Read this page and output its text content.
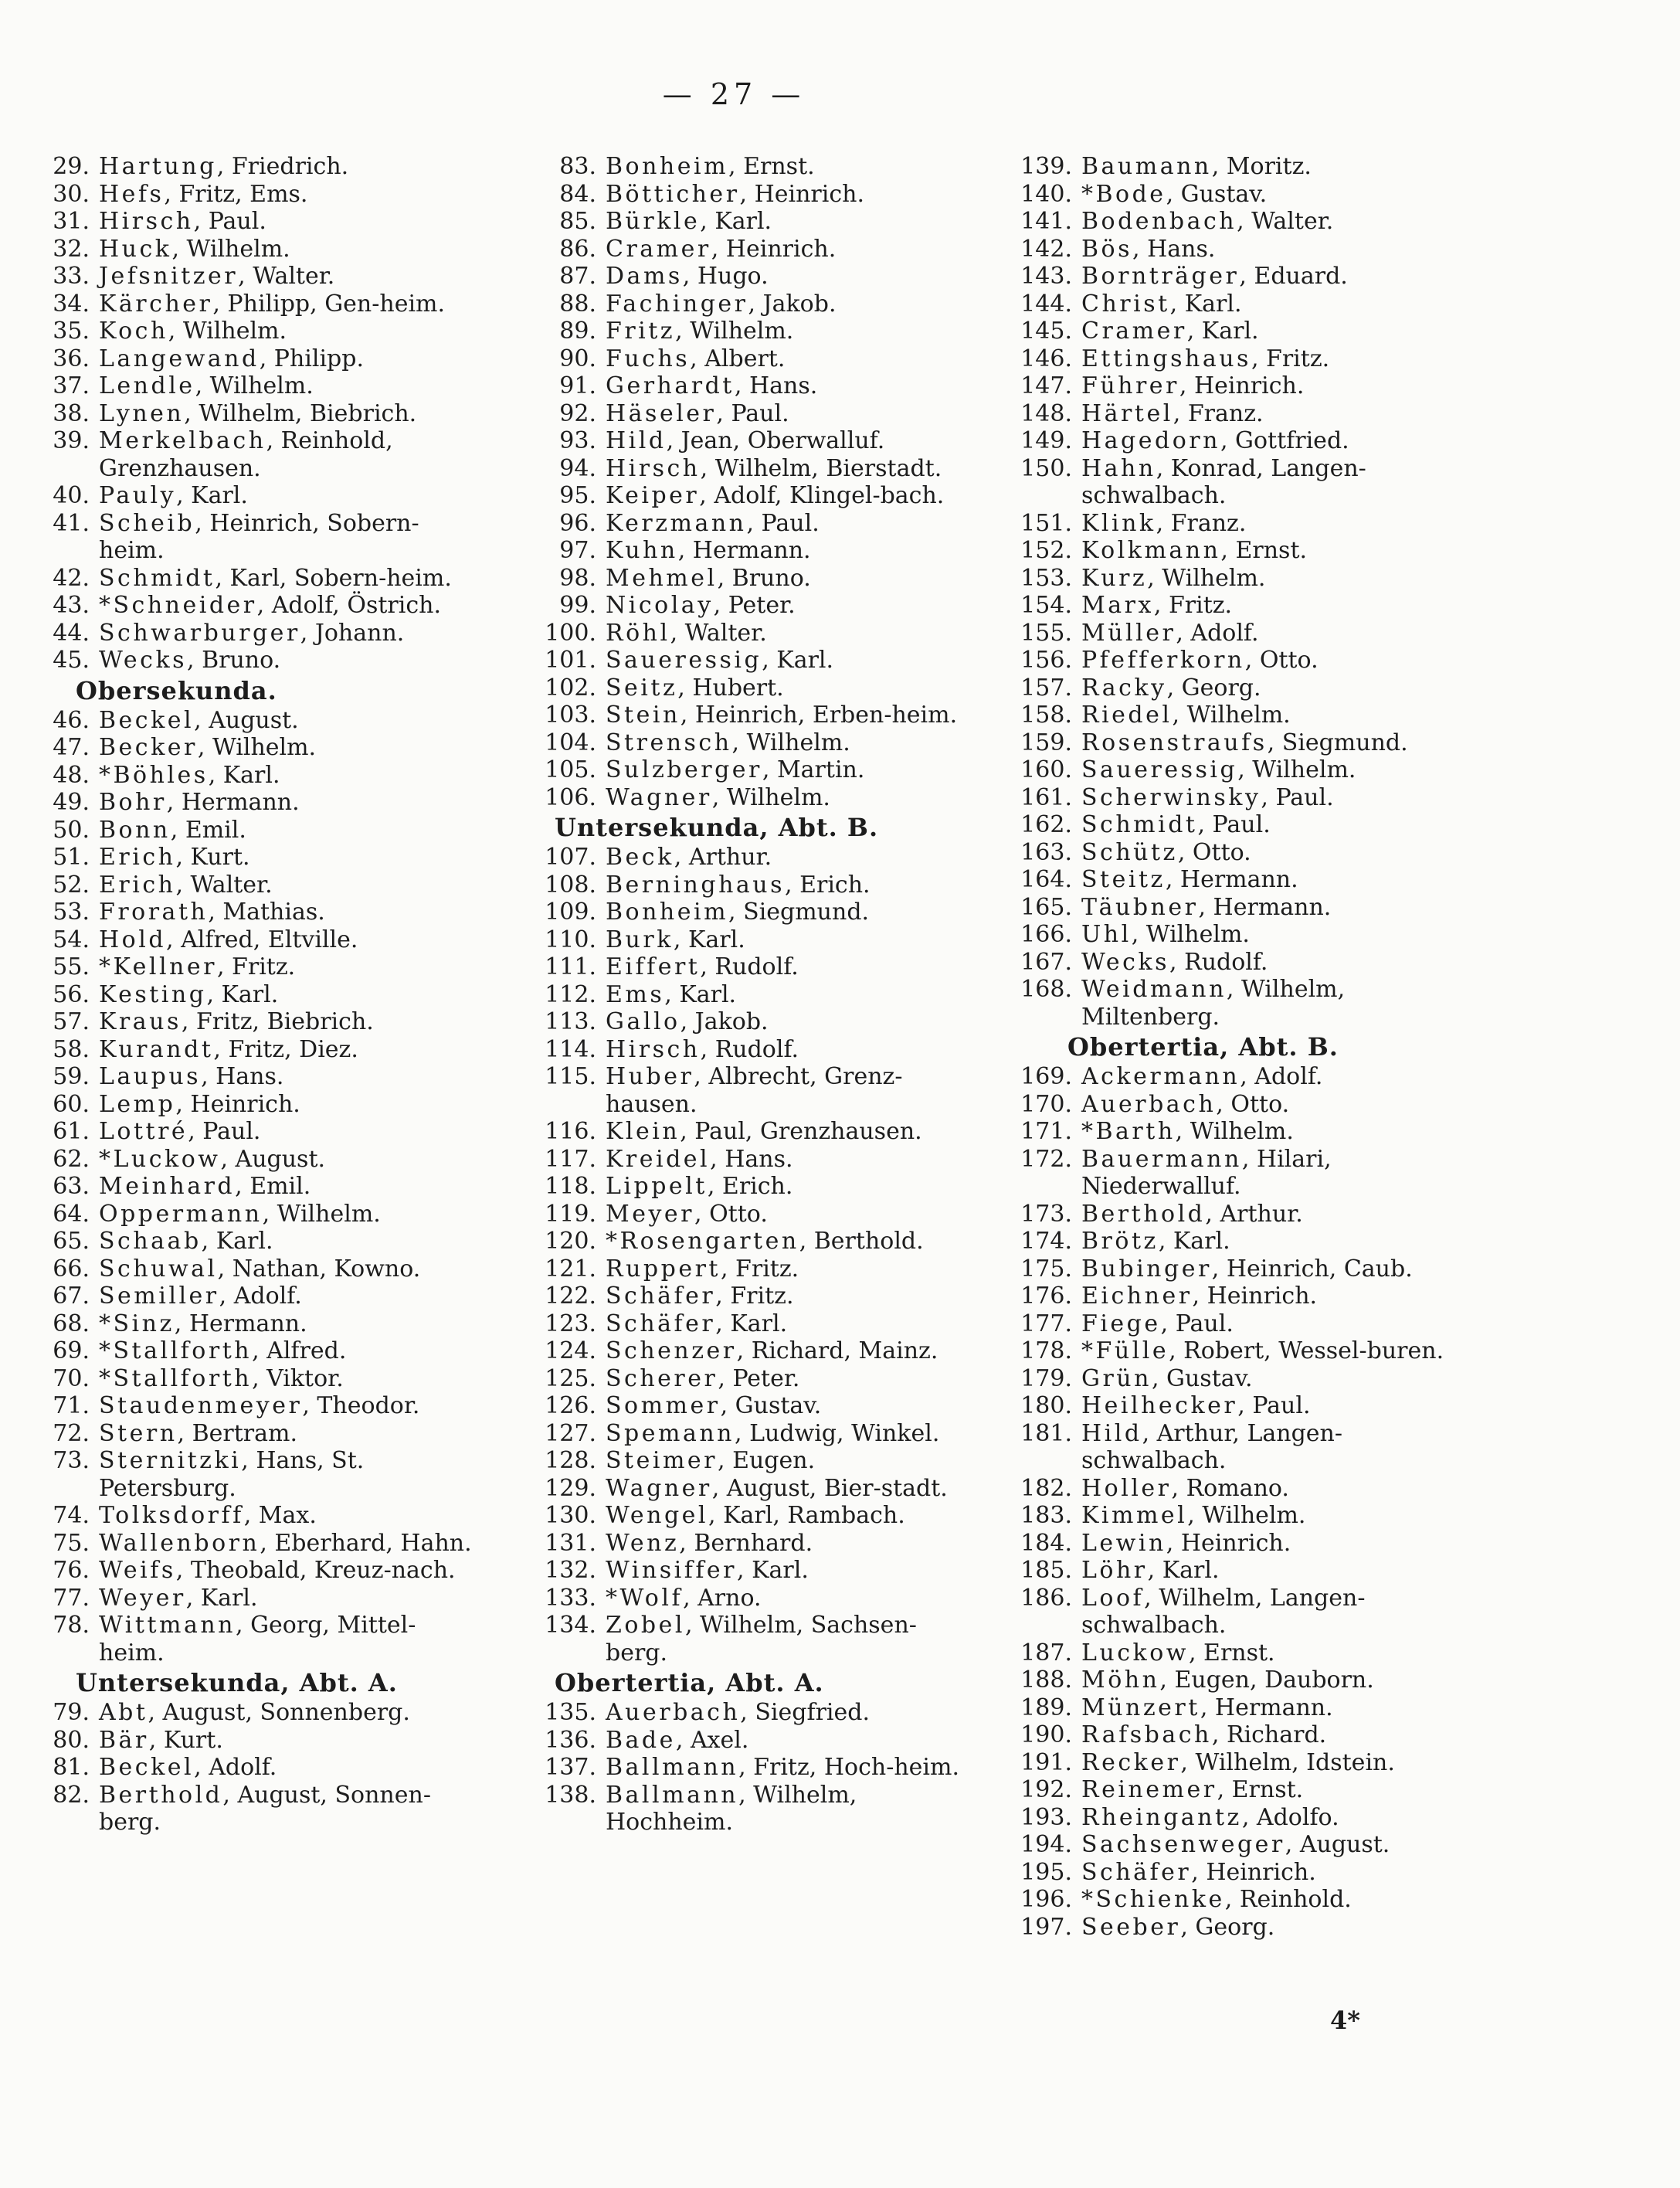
— 27 —
29. Hartung, Friedrich.
30. Hefs, Fritz, Ems.
31. Hirsch, Paul.
32. Huck, Wilhelm.
33. Jefsnitzer, Walter.
34. Kärcher, Philipp, Gen-heim.
35. Koch, Wilhelm.
36. Langewand, Philipp.
37. Lendle, Wilhelm.
38. Lynen, Wilhelm, Biebrich.
39. Merkelbach, Reinhold, Grenzhausen.
40. Pauly, Karl.
41. Scheib, Heinrich, Sobern-heim.
42. Schmidt, Karl, Sobern-heim.
43. *Schneider, Adolf, Östrich.
44. Schwarburger, Johann.
45. Wecks, Bruno.
Obersekunda.
46. Beckel, August.
47. Becker, Wilhelm.
48. *Böhles, Karl.
49. Bohr, Hermann.
50. Bonn, Emil.
51. Erich, Kurt.
52. Erich, Walter.
53. Frorath, Mathias.
54. Hold, Alfred, Eltville.
55. *Kellner, Fritz.
56. Kesting, Karl.
57. Kraus, Fritz, Biebrich.
58. Kurandt, Fritz, Diez.
59. Laupus, Hans.
60. Lemp, Heinrich.
61. Lottré, Paul.
62. *Luckow, August.
63. Meinhard, Emil.
64. Oppermann, Wilhelm.
65. Schaab, Karl.
66. Schuwal, Nathan, Kowno.
67. Semiller, Adolf.
68. *Sinz, Hermann.
69. *Stallforth, Alfred.
70. *Stallforth, Viktor.
71. Staudenmeyer, Theodor.
72. Stern, Bertram.
73. Sternitzki, Hans, St. Petersburg.
74. Tolksdorff, Max.
75. Wallenborn, Eberhard, Hahn.
76. Weifs, Theobald, Kreuz-nach.
77. Weyer, Karl.
78. Wittmann, Georg, Mittel-heim.
Untersekunda, Abt. A.
79. Abt, August, Sonnenberg.
80. Bär, Kurt.
81. Beckel, Adolf.
82. Berthold, August, Sonnen-berg.
83. Bonheim, Ernst.
84. Bötticher, Heinrich.
85. Bürkle, Karl.
86. Cramer, Heinrich.
87. Dams, Hugo.
88. Fachinger, Jakob.
89. Fritz, Wilhelm.
90. Fuchs, Albert.
91. Gerhardt, Hans.
92. Häseler, Paul.
93. Hild, Jean, Oberwalluf.
94. Hirsch, Wilhelm, Bierstadt.
95. Keiper, Adolf, Klingel-bach.
96. Kerzmann, Paul.
97. Kuhn, Hermann.
98. Mehmel, Bruno.
99. Nicolay, Peter.
100. Röhl, Walter.
101. Saueressig, Karl.
102. Seitz, Hubert.
103. Stein, Heinrich, Erben-heim.
104. Strensch, Wilhelm.
105. Sulzberger, Martin.
106. Wagner, Wilhelm.
Untersekunda, Abt. B.
107. Beck, Arthur.
108. Berninghaus, Erich.
109. Bonheim, Siegmund.
110. Burk, Karl.
111. Eiffert, Rudolf.
112. Ems, Karl.
113. Gallo, Jakob.
114. Hirsch, Rudolf.
115. Huber, Albrecht, Grenz-hausen.
116. Klein, Paul, Grenzhausen.
117. Kreidel, Hans.
118. Lippelt, Erich.
119. Meyer, Otto.
120. *Rosengarten, Berthold.
121. Ruppert, Fritz.
122. Schäfer, Fritz.
123. Schäfer, Karl.
124. Schenzer, Richard, Mainz.
125. Scherer, Peter.
126. Sommer, Gustav.
127. Spemann, Ludwig, Winkel.
128. Steimer, Eugen.
129. Wagner, August, Bier-stadt.
130. Wengel, Karl, Rambach.
131. Wenz, Bernhard.
132. Winsiffer, Karl.
133. *Wolf, Arno.
134. Zobel, Wilhelm, Sachsen-berg.
Obertertia, Abt. A.
135. Auerbach, Siegfried.
136. Bade, Axel.
137. Ballmann, Fritz, Hoch-heim.
138. Ballmann, Wilhelm, Hochheim.
139. Baumann, Moritz.
140. *Bode, Gustav.
141. Bodenbach, Walter.
142. Bös, Hans.
143. Bornträger, Eduard.
144. Christ, Karl.
145. Cramer, Karl.
146. Ettingshaus, Fritz.
147. Führer, Heinrich.
148. Härtel, Franz.
149. Hagedorn, Gottfried.
150. Hahn, Konrad, Langen-schwalbach.
151. Klink, Franz.
152. Kolkmann, Ernst.
153. Kurz, Wilhelm.
154. Marx, Fritz.
155. Müller, Adolf.
156. Pfefferkorn, Otto.
157. Racky, Georg.
158. Riedel, Wilhelm.
159. Rosenstraufs, Siegmund.
160. Saueressig, Wilhelm.
161. Scherwinsky, Paul.
162. Schmidt, Paul.
163. Schütz, Otto.
164. Steitz, Hermann.
165. Täubner, Hermann.
166. Uhl, Wilhelm.
167. Wecks, Rudolf.
168. Weidmann, Wilhelm, Miltenberg.
Obertertia, Abt. B.
169. Ackermann, Adolf.
170. Auerbach, Otto.
171. *Barth, Wilhelm.
172. Bauermann, Hilari, Niederwalluf.
173. Berthold, Arthur.
174. Brötz, Karl.
175. Bubinger, Heinrich, Caub.
176. Eichner, Heinrich.
177. Fiege, Paul.
178. *Fülle, Robert, Wessel-buren.
179. Grün, Gustav.
180. Heilhecker, Paul.
181. Hild, Arthur, Langen-schwalbach.
182. Holler, Romano.
183. Kimmel, Wilhelm.
184. Lewin, Heinrich.
185. Löhr, Karl.
186. Loof, Wilhelm, Langen-schwalbach.
187. Luckow, Ernst.
188. Möhn, Eugen, Dauborn.
189. Münzert, Hermann.
190. Rafsbach, Richard.
191. Recker, Wilhelm, Idstein.
192. Reinemer, Ernst.
193. Rheingantz, Adolfo.
194. Sachsenweger, August.
195. Schäfer, Heinrich.
196. *Schienke, Reinhold.
197. Seeber, Georg.
4*
